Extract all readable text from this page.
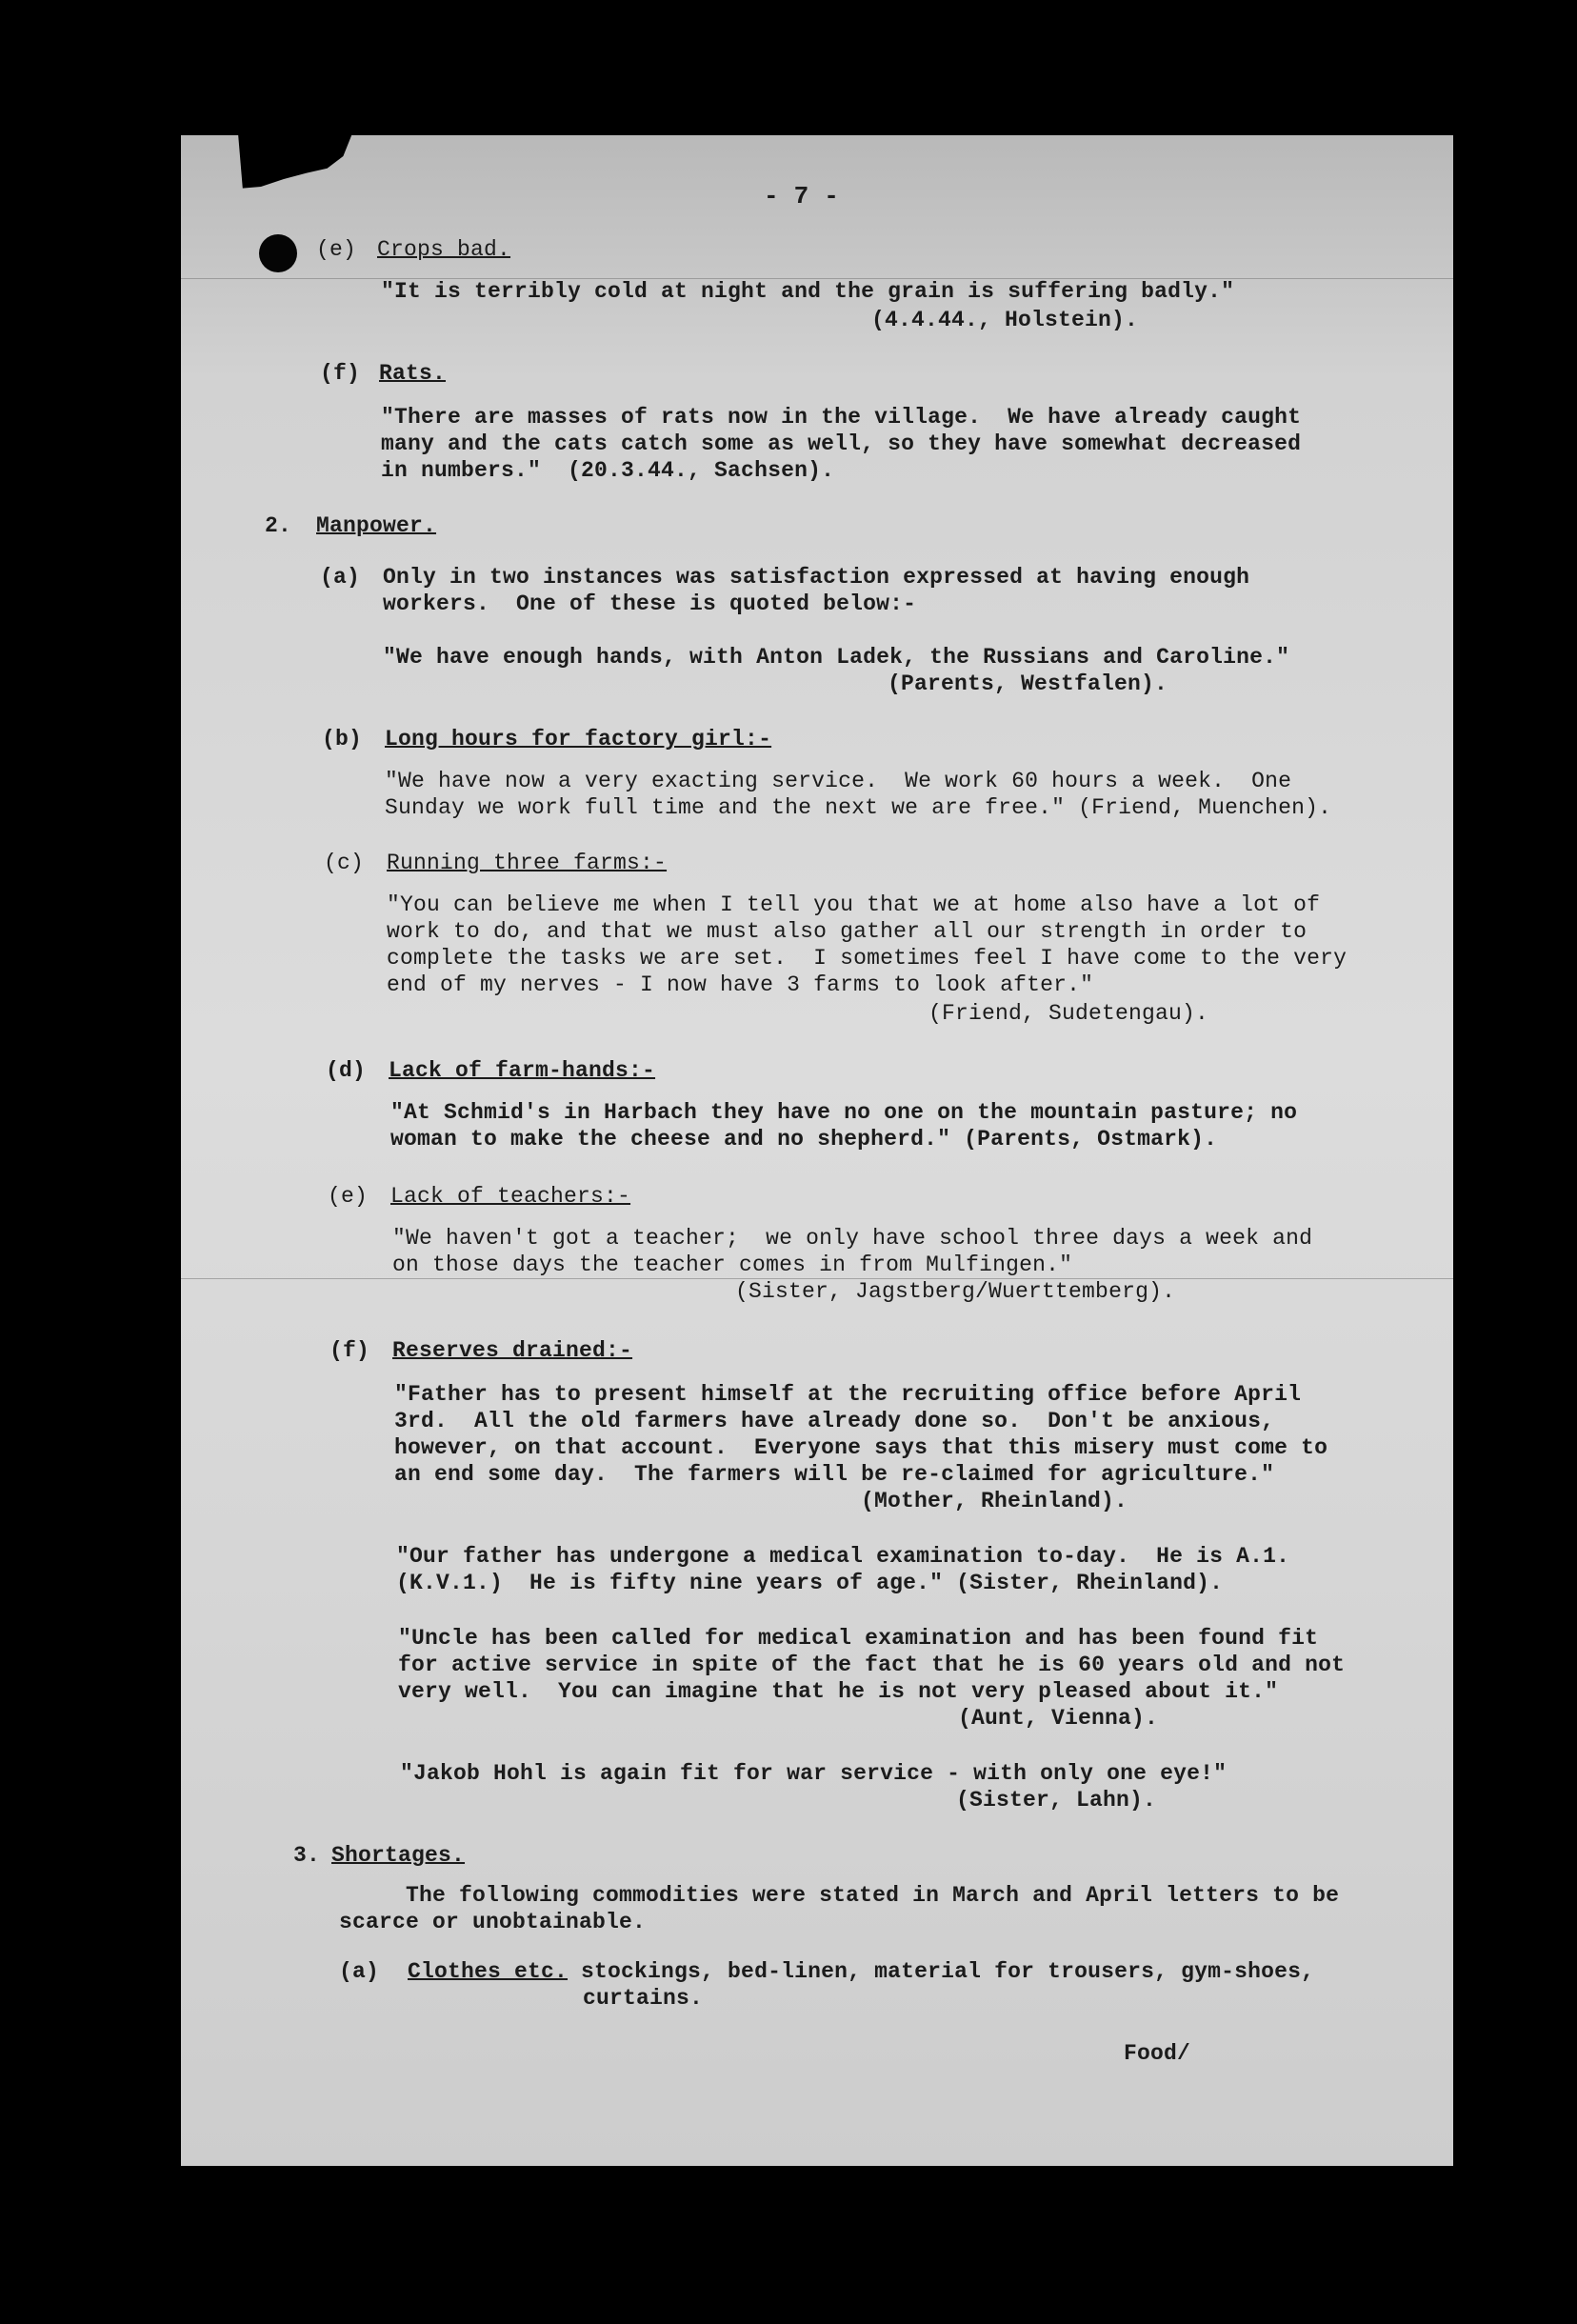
- 7 -
(e) Crops bad.
"It is terribly cold at night and the grain is suffering badly."
(4.4.44., Holstein).
(f) Rats.
"There are masses of rats now in the village.  We have already caught
many and the cats catch some as well, so they have somewhat decreased
in numbers."  (20.3.44., Sachsen).
2. Manpower.
(a) Only in two instances was satisfaction expressed at having enough
workers.  One of these is quoted below:-
"We have enough hands, with Anton Ladek, the Russians and Caroline."
(Parents, Westfalen).
(b) Long hours for factory girl:-
"We have now a very exacting service.  We work 60 hours a week.  One
Sunday we work full time and the next we are free." (Friend, Muenchen).
(c) Running three farms:-
"You can believe me when I tell you that we at home also have a lot of
work to do, and that we must also gather all our strength in order to
complete the tasks we are set.  I sometimes feel I have come to the very
end of my nerves - I now have 3 farms to look after."
(Friend, Sudetengau).
(d) Lack of farm-hands:-
"At Schmid's in Harbach they have no one on the mountain pasture; no
woman to make the cheese and no shepherd." (Parents, Ostmark).
(e) Lack of teachers:-
"We haven't got a teacher;  we only have school three days a week and
on those days the teacher comes in from Mulfingen."
(Sister, Jagstberg/Wuerttemberg).
(f) Reserves drained:-
"Father has to present himself at the recruiting office before April
3rd.  All the old farmers have already done so.  Don't be anxious,
however, on that account.  Everyone says that this misery must come to
an end some day.  The farmers will be re-claimed for agriculture."
(Mother, Rheinland).
"Our father has undergone a medical examination to-day.  He is A.1.
(K.V.1.)  He is fifty nine years of age." (Sister, Rheinland).
"Uncle has been called for medical examination and has been found fit
for active service in spite of the fact that he is 60 years old and not
very well.  You can imagine that he is not very pleased about it."
(Aunt, Vienna).
"Jakob Hohl is again fit for war service - with only one eye!"
(Sister, Lahn).
3. Shortages.
The following commodities were stated in March and April letters to be
scarce or unobtainable.
(a) Clothes etc. stockings, bed-linen, material for trousers, gym-shoes,
curtains.
Food/
